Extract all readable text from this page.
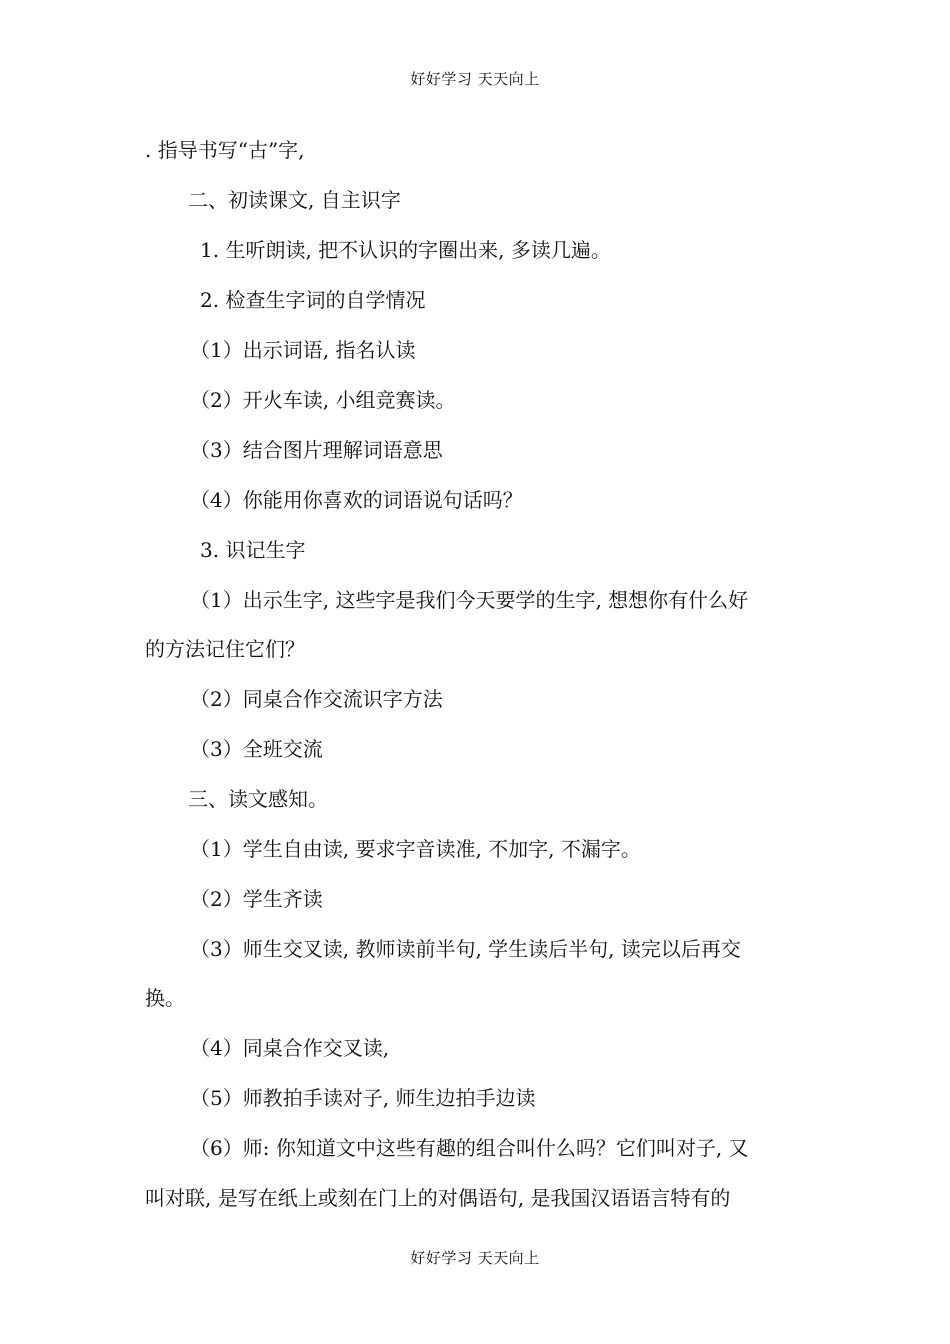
好好学习 天天向上
. 指导书写“古”字,
二、初读课文, 自主识字
1. 生听朗读, 把不认识的字圈出来, 多读几遍。
2. 检查生字词的自学情况
（1）出示词语, 指名认读
（2）开火车读, 小组竞赛读。
（3）结合图片理解词语意思
（4）你能用你喜欢的词语说句话吗？
3. 识记生字
（1）出示生字, 这些字是我们今天要学的生字, 想想你有什么好
的方法记住它们？
（2）同桌合作交流识字方法
（3）全班交流
三、读文感知。
（1）学生自由读, 要求字音读准, 不加字, 不漏字。
（2）学生齐读
（3）师生交叉读, 教师读前半句, 学生读后半句, 读完以后再交
换。
（4）同桌合作交叉读,
（5）师教拍手读对子, 师生边拍手边读
（6）师: 你知道文中这些有趣的组合叫什么吗？它们叫对子, 又
叫对联, 是写在纸上或刻在门上的对偶语句, 是我国汉语语言特有的
好好学习 天天向上
